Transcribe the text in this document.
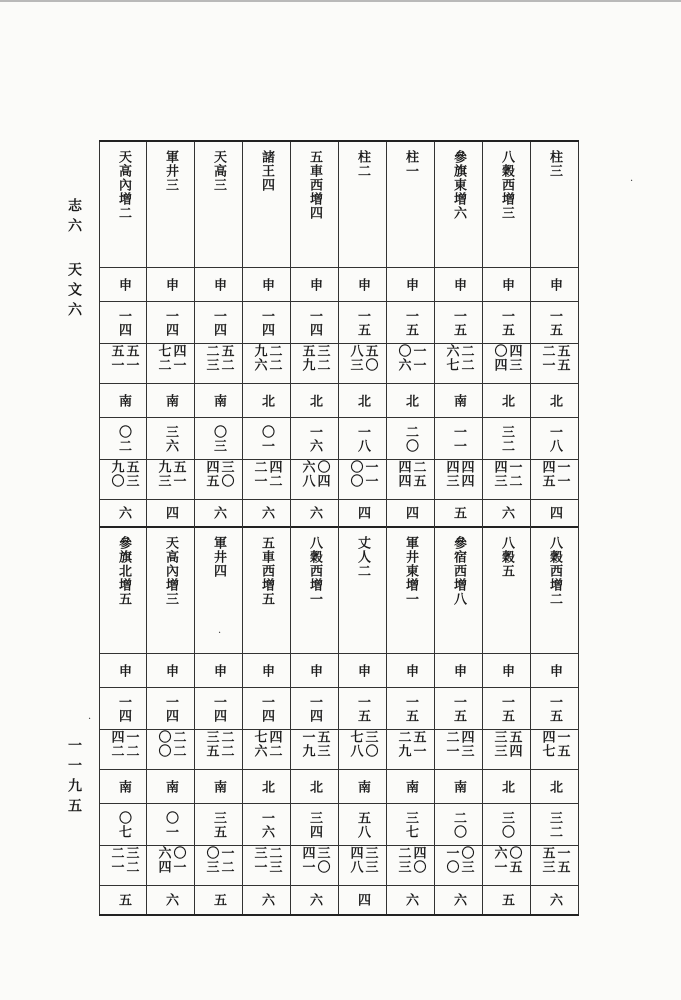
志六
天文六
一一九五
·
·
·
天高內增二
申
一四
五一五一
南
〇二
五三九〇
六
參旗北增五
申
一四
一二四二
南
〇七
三二二一
五
軍井三
申
一四
四一七二
南
三六
五一九三
四
天高內增三
申
一四
二二〇〇
南
〇一
〇一六四
六
天高三
申
一四
五二二三
南
〇三
三〇四五
六
軍井四
申
一四
二二三五
南
三五
一二〇三
五
諸王四
申
一四
二二九六
北
〇一
四二二一
六
五車西增五
申
一四
四二七六
北
一六
二三三一
六
五車西增四
申
一四
三二五九
北
一六
〇四六八
六
八穀西增一
申
一四
五三一九
北
三四
三〇四一
六
柱二
申
一五
五〇八三
北
一八
一一〇〇
四
丈人二
申
一五
三〇七八
南
五八
三三四八
四
柱一
申
一五
一一〇六
北
二〇
二五四四
四
軍井東增一
申
一五
五一二九
南
三七
四〇二三
六
參旗東增六
申
一五
二二六七
南
一一
四四四三
五
參宿西增八
申
一五
四三二一
南
二〇
〇三一〇
六
八穀西增三
申
一五
四三〇四
北
三二
一二四三
六
八穀五
申
一五
五四三三
北
三〇
〇五六一
五
柱三
申
一五
五五二一
北
一八
一一四五
四
八穀西增二
申
一五
一五四七
北
三二
一五五三
六
